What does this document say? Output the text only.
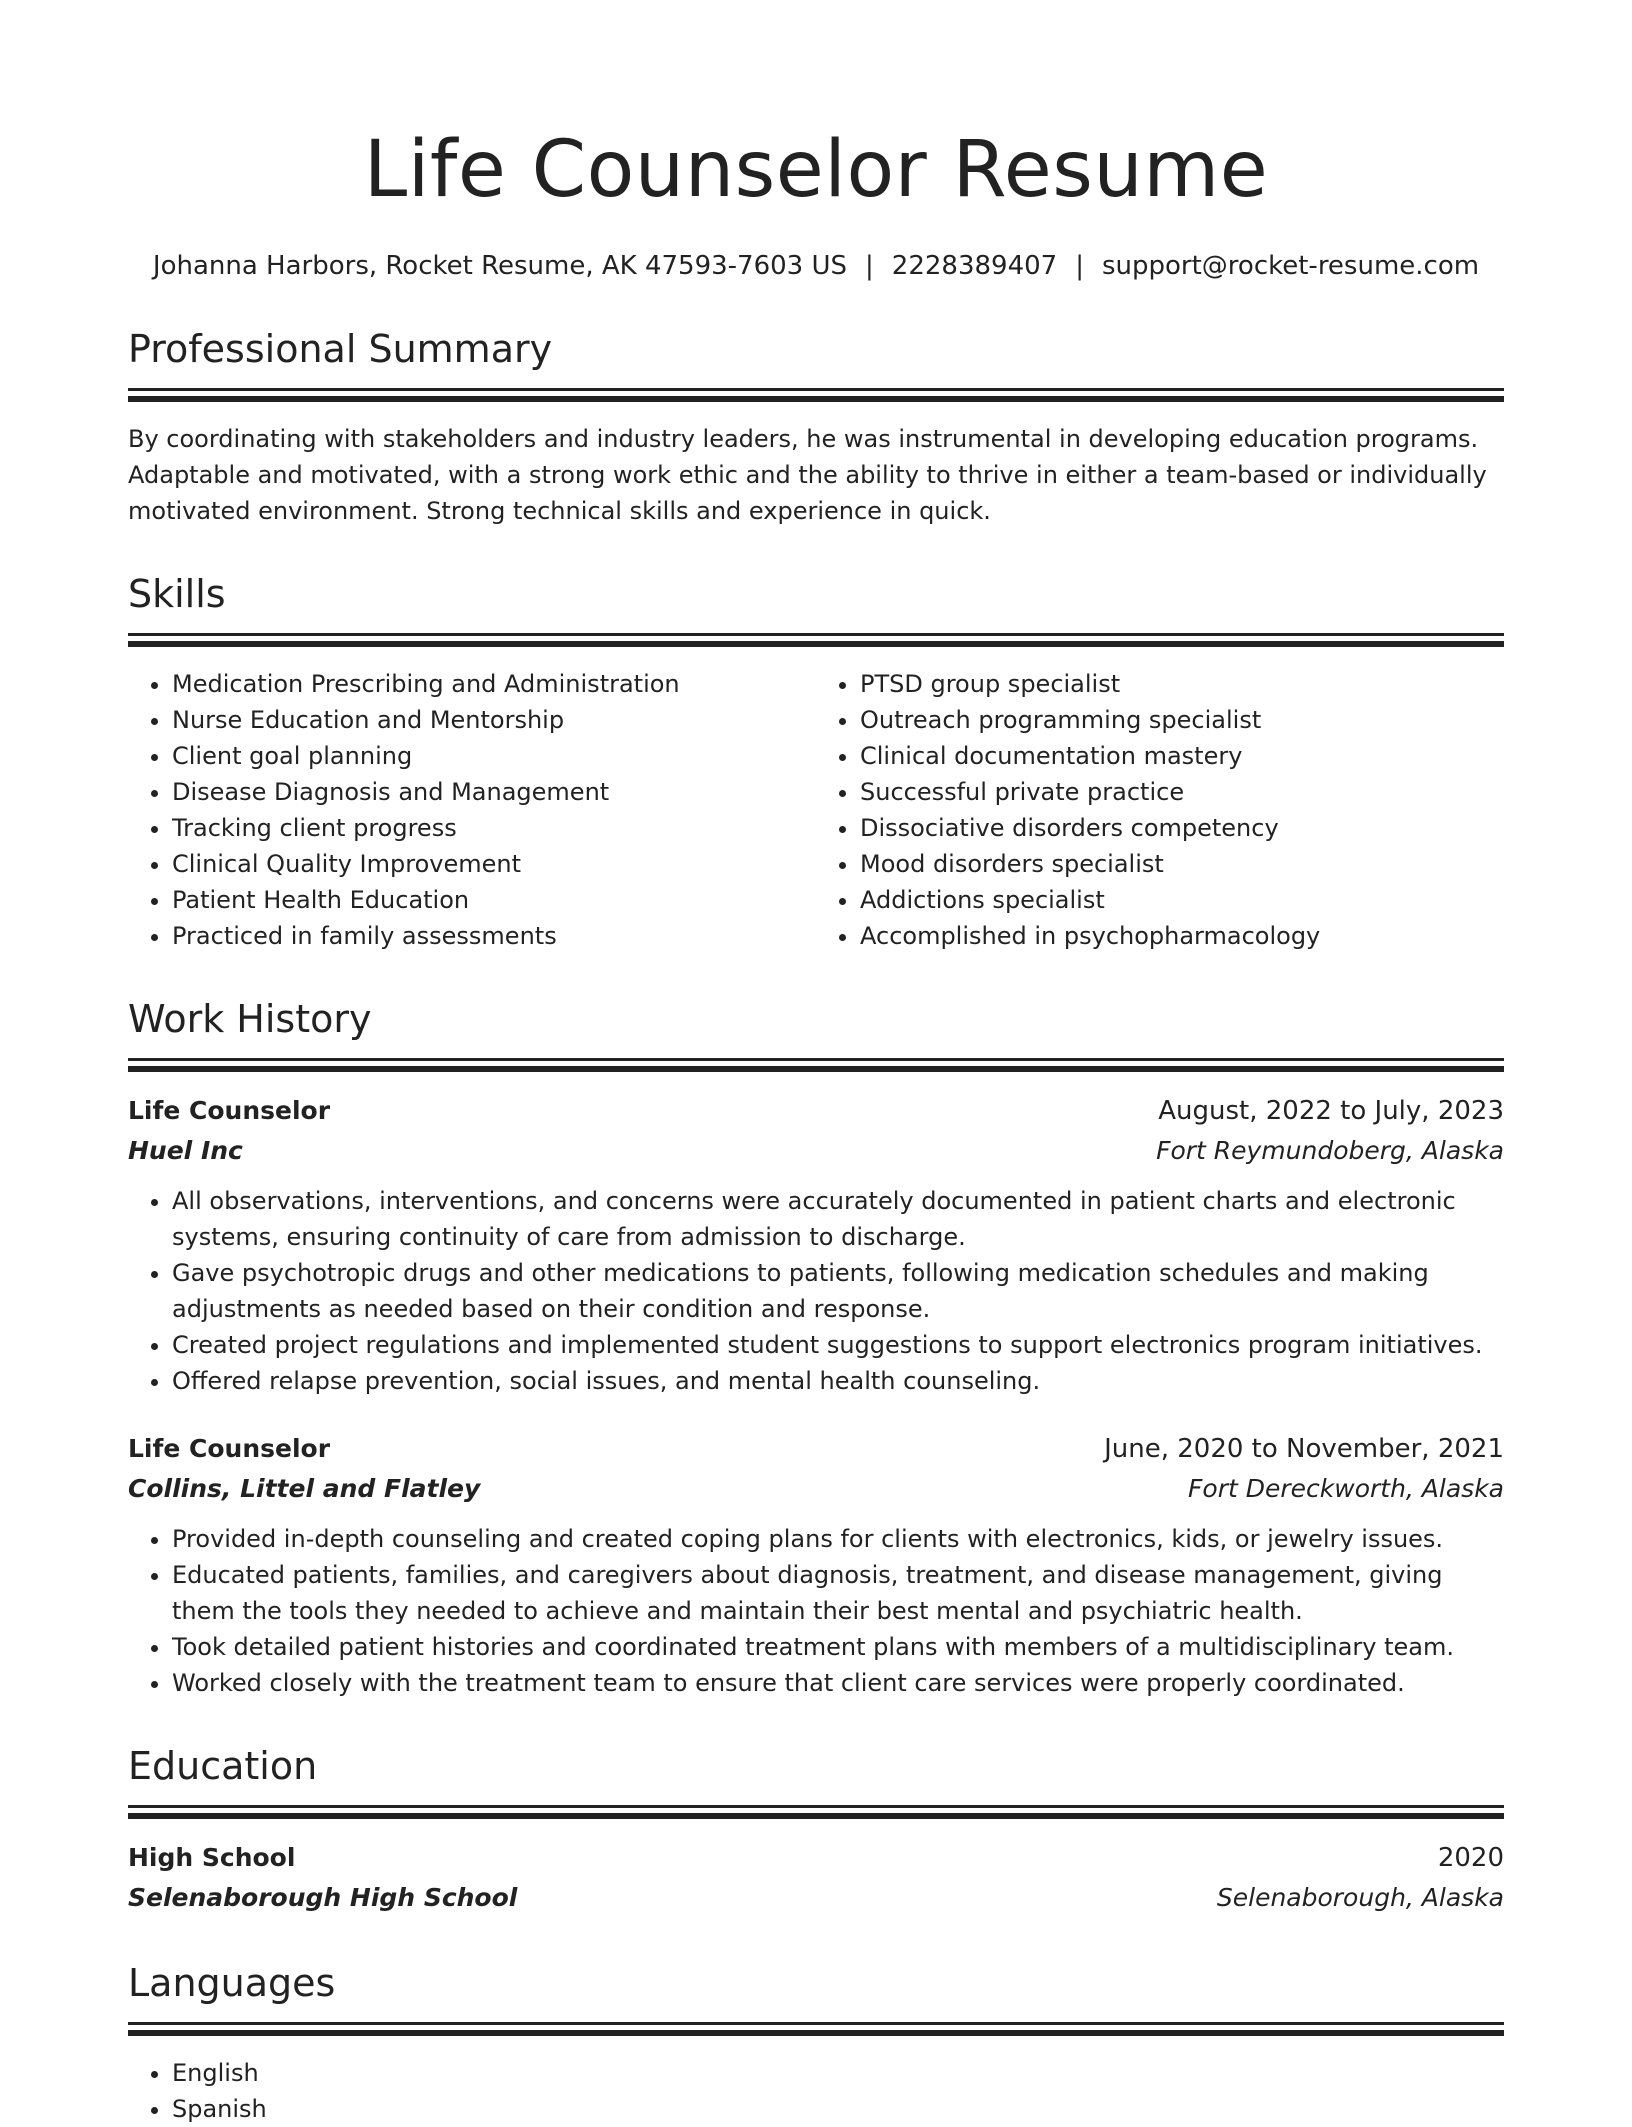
Life Counselor Resume
Johanna Harbors, Rocket Resume, AK 47593-7603 US | 2228389407 | support@rocket-resume.com
Professional Summary

By coordinating with stakeholders and industry leaders, he was instrumental in developing education programs. Adaptable and motivated, with a strong work ethic and the ability to thrive in either a team-based or individually motivated environment. Strong technical skills and experience in quick.

Skills
• Medication Prescribing and Administration
• Nurse Education and Mentorship
• Client goal planning
• Disease Diagnosis and Management
• Tracking client progress
• Clinical Quality Improvement
• Patient Health Education
• Practiced in family assessments
• PTSD group specialist
• Outreach programming specialist
• Clinical documentation mastery
• Successful private practice
• Dissociative disorders competency
• Mood disorders specialist
• Addictions specialist
• Accomplished in psychopharmacology
Work History
Life Counselor	August, 2022 to July, 2023
Huel Inc	Fort Reymundoberg, Alaska
• All observations, interventions, and concerns were accurately documented in patient charts and electronic systems, ensuring continuity of care from admission to discharge.
• Gave psychotropic drugs and other medications to patients, following medication schedules and making adjustments as needed based on their condition and response.
• Created project regulations and implemented student suggestions to support electronics program initiatives.
• Offered relapse prevention, social issues, and mental health counseling.
Life Counselor	June, 2020 to November, 2021
Collins, Littel and Flatley	Fort Dereckworth, Alaska
• Provided in-depth counseling and created coping plans for clients with electronics, kids, or jewelry issues.
• Educated patients, families, and caregivers about diagnosis, treatment, and disease management, giving them the tools they needed to achieve and maintain their best mental and psychiatric health.
• Took detailed patient histories and coordinated treatment plans with members of a multidisciplinary team.
• Worked closely with the treatment team to ensure that client care services were properly coordinated.
Education
High School	2020
Selenaborough High School	Selenaborough, Alaska
Languages
• English
• Spanish
